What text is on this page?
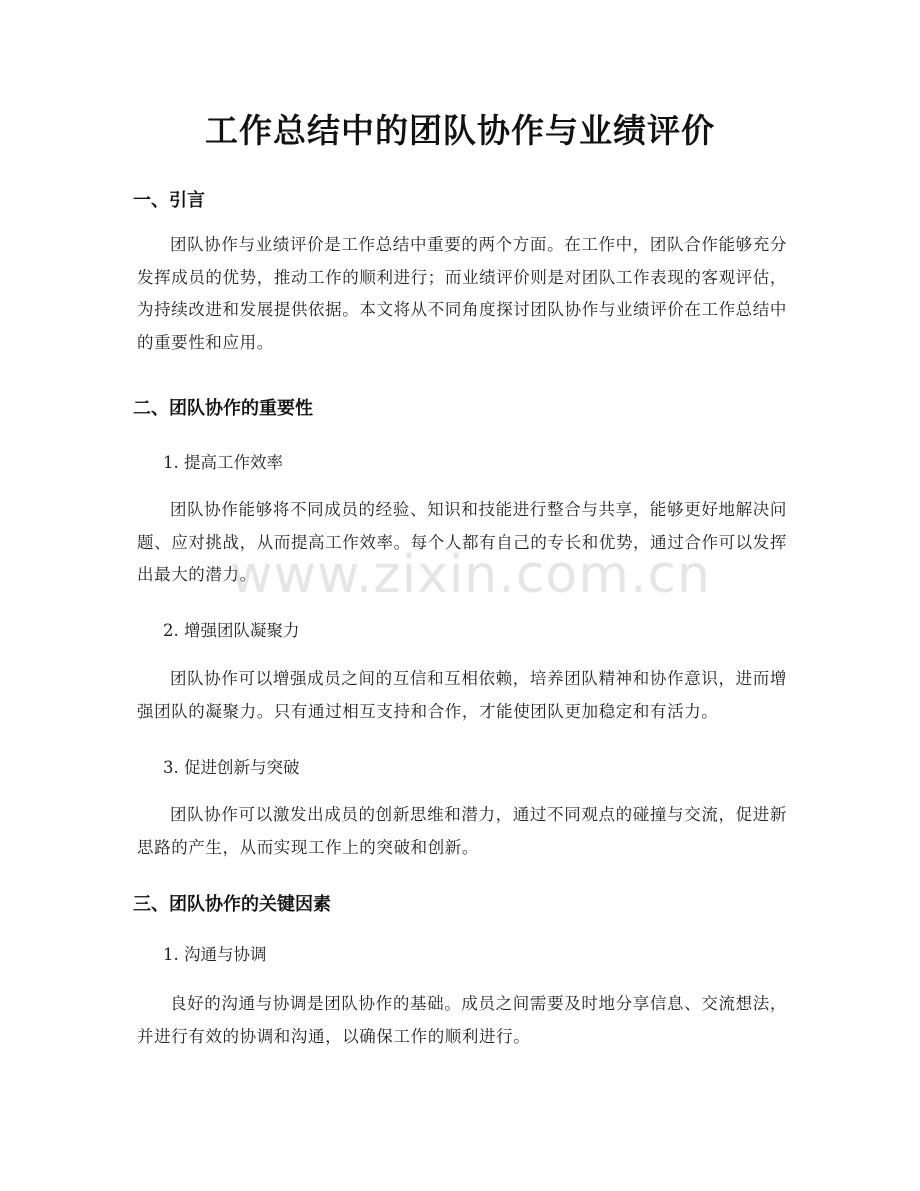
工作总结中的团队协作与业绩评价
一、引言
团队协作与业绩评价是工作总结中重要的两个方面。在工作中，团队合作能够充分发挥成员的优势，推动工作的顺利进行；而业绩评价则是对团队工作表现的客观评估，为持续改进和发展提供依据。本文将从不同角度探讨团队协作与业绩评价在工作总结中的重要性和应用。
二、团队协作的重要性
1. 提高工作效率
团队协作能够将不同成员的经验、知识和技能进行整合与共享，能够更好地解决问题、应对挑战，从而提高工作效率。每个人都有自己的专长和优势，通过合作可以发挥出最大的潜力。
2. 增强团队凝聚力
团队协作可以增强成员之间的互信和互相依赖，培养团队精神和协作意识，进而增强团队的凝聚力。只有通过相互支持和合作，才能使团队更加稳定和有活力。
3. 促进创新与突破
团队协作可以激发出成员的创新思维和潜力，通过不同观点的碰撞与交流，促进新思路的产生，从而实现工作上的突破和创新。
三、团队协作的关键因素
1. 沟通与协调
良好的沟通与协调是团队协作的基础。成员之间需要及时地分享信息、交流想法，并进行有效的协调和沟通，以确保工作的顺利进行。
www.zixin.com.cn
